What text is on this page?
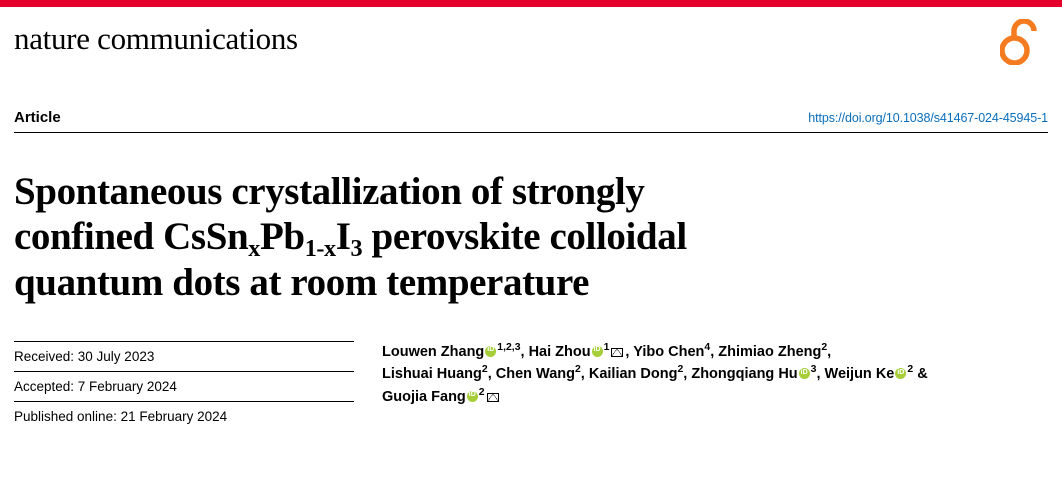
nature communications
Article	https://doi.org/10.1038/s41467-024-45945-1
Spontaneous crystallization of strongly
confined $CsSn_xPb_{1-x}I_3$ perovskite colloidal
quantum dots at room temperature
Received: 30 July 2023
Accepted: 7 February 2024
Published online: 21 February 2024
Louwen Zhang iD $^{1,2,3}$, Hai Zhou iD $^1$ , Yibo Chen$^4$, Zhimiao Zheng$^2$,
Lishuai Huang$^2$, Chen Wang$^2$, Kailian Dong$^2$, Zhongqiang Hu iD $^3$, Weijun Ke iD $^2$ &
Guojia Fang iD $^2$
